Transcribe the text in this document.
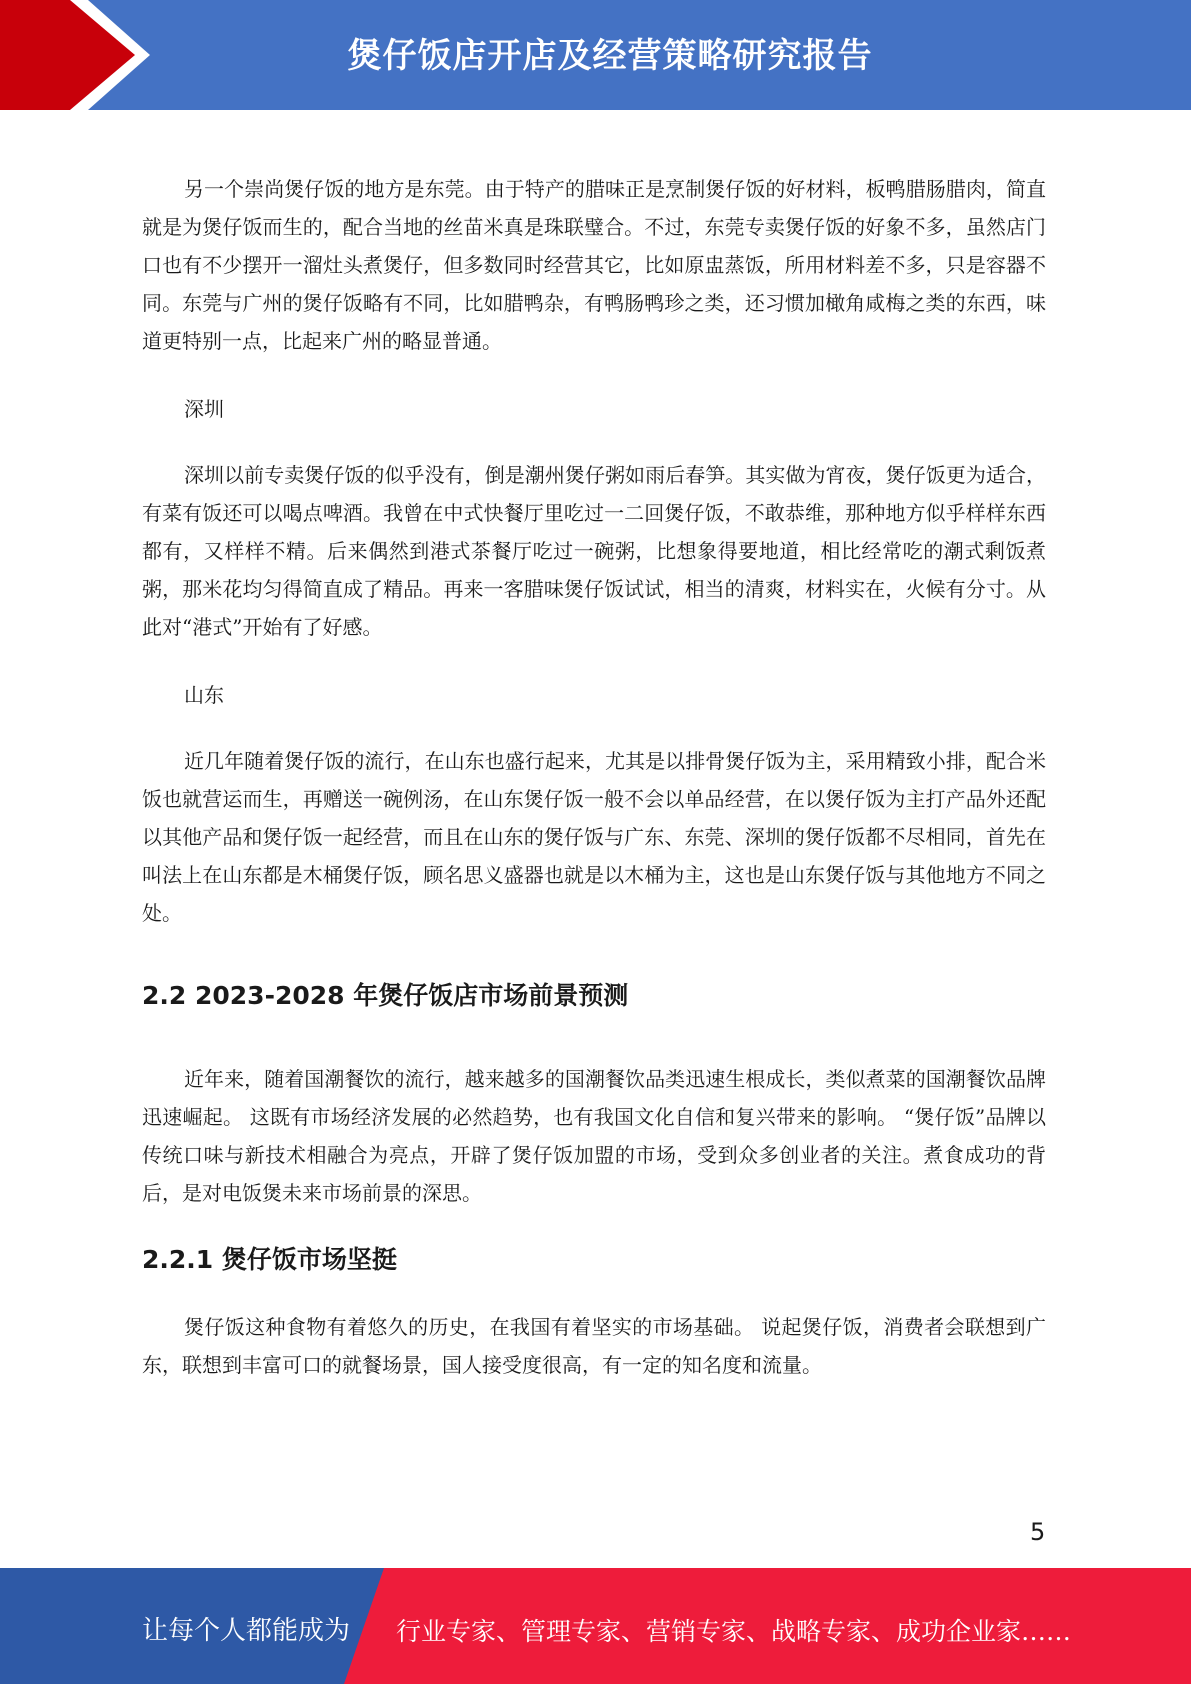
煲仔饭店开店及经营策略研究报告

另一个崇尚煲仔饭的地方是东莞。由于特产的腊味正是烹制煲仔饭的好材料，板鸭腊肠腊肉，简直就是为煲仔饭而生的，配合当地的丝苗米真是珠联璧合。不过，东莞专卖煲仔饭的好象不多，虽然店门口也有不少摆开一溜灶头煮煲仔，但多数同时经营其它，比如原盅蒸饭，所用材料差不多，只是容器不同。东莞与广州的煲仔饭略有不同，比如腊鸭杂，有鸭肠鸭珍之类，还习惯加橄角咸梅之类的东西，味道更特别一点，比起来广州的略显普通。

深圳

深圳以前专卖煲仔饭的似乎没有，倒是潮州煲仔粥如雨后春笋。其实做为宵夜，煲仔饭更为适合，有菜有饭还可以喝点啤酒。我曾在中式快餐厅里吃过一二回煲仔饭，不敢恭维，那种地方似乎样样东西都有，又样样不精。后来偶然到港式茶餐厅吃过一碗粥，比想象得要地道，相比经常吃的潮式剩饭煮粥，那米花均匀得简直成了精品。再来一客腊味煲仔饭试试，相当的清爽，材料实在，火候有分寸。从此对“港式”开始有了好感。

山东

近几年随着煲仔饭的流行，在山东也盛行起来，尤其是以排骨煲仔饭为主，采用精致小排，配合米饭也就营运而生，再赠送一碗例汤，在山东煲仔饭一般不会以单品经营，在以煲仔饭为主打产品外还配以其他产品和煲仔饭一起经营，而且在山东的煲仔饭与广东、东莞、深圳的煲仔饭都不尽相同，首先在叫法上在山东都是木桶煲仔饭，顾名思义盛器也就是以木桶为主，这也是山东煲仔饭与其他地方不同之处。

2.2 2023-2028 年煲仔饭店市场前景预测

近年来，随着国潮餐饮的流行，越来越多的国潮餐饮品类迅速生根成长，类似煮菜的国潮餐饮品牌迅速崛起。 这既有市场经济发展的必然趋势，也有我国文化自信和复兴带来的影响。 “煲仔饭”品牌以传统口味与新技术相融合为亮点，开辟了煲仔饭加盟的市场，受到众多创业者的关注。煮食成功的背后，是对电饭煲未来市场前景的深思。

2.2.1 煲仔饭市场坚挺

煲仔饭这种食物有着悠久的历史，在我国有着坚实的市场基础。 说起煲仔饭，消费者会联想到广东，联想到丰富可口的就餐场景，国人接受度很高，有一定的知名度和流量。

5
让每个人都能成为 行业专家、管理专家、营销专家、战略专家、成功企业家……
